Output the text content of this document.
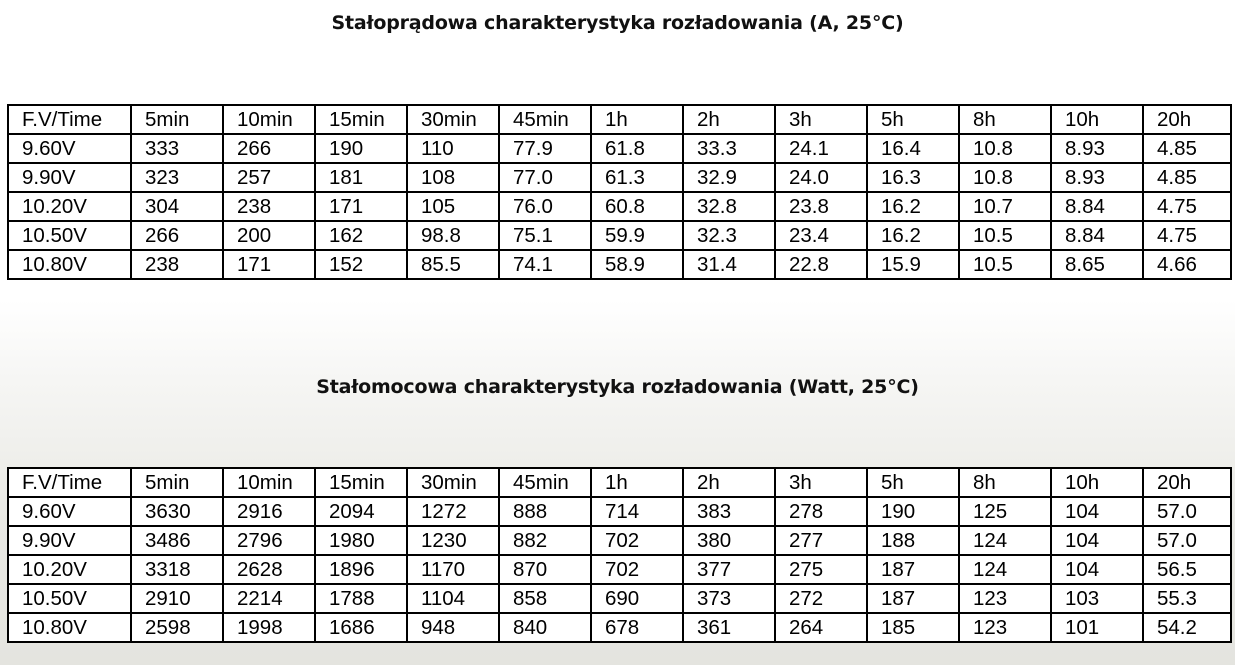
Stałoprądowa charakterystyka rozładowania (A, 25°C)
F.V/Time	5min	10min	15min	30min	45min	1h	2h	3h	5h	8h	10h	20h
9.60V	333	266	190	110	77.9	61.8	33.3	24.1	16.4	10.8	8.93	4.85
9.90V	323	257	181	108	77.0	61.3	32.9	24.0	16.3	10.8	8.93	4.85
10.20V	304	238	171	105	76.0	60.8	32.8	23.8	16.2	10.7	8.84	4.75
10.50V	266	200	162	98.8	75.1	59.9	32.3	23.4	16.2	10.5	8.84	4.75
10.80V	238	171	152	85.5	74.1	58.9	31.4	22.8	15.9	10.5	8.65	4.66
Stałomocowa charakterystyka rozładowania (Watt, 25°C)
F.V/Time	5min	10min	15min	30min	45min	1h	2h	3h	5h	8h	10h	20h
9.60V	3630	2916	2094	1272	888	714	383	278	190	125	104	57.0
9.90V	3486	2796	1980	1230	882	702	380	277	188	124	104	57.0
10.20V	3318	2628	1896	1170	870	702	377	275	187	124	104	56.5
10.50V	2910	2214	1788	1104	858	690	373	272	187	123	103	55.3
10.80V	2598	1998	1686	948	840	678	361	264	185	123	101	54.2
